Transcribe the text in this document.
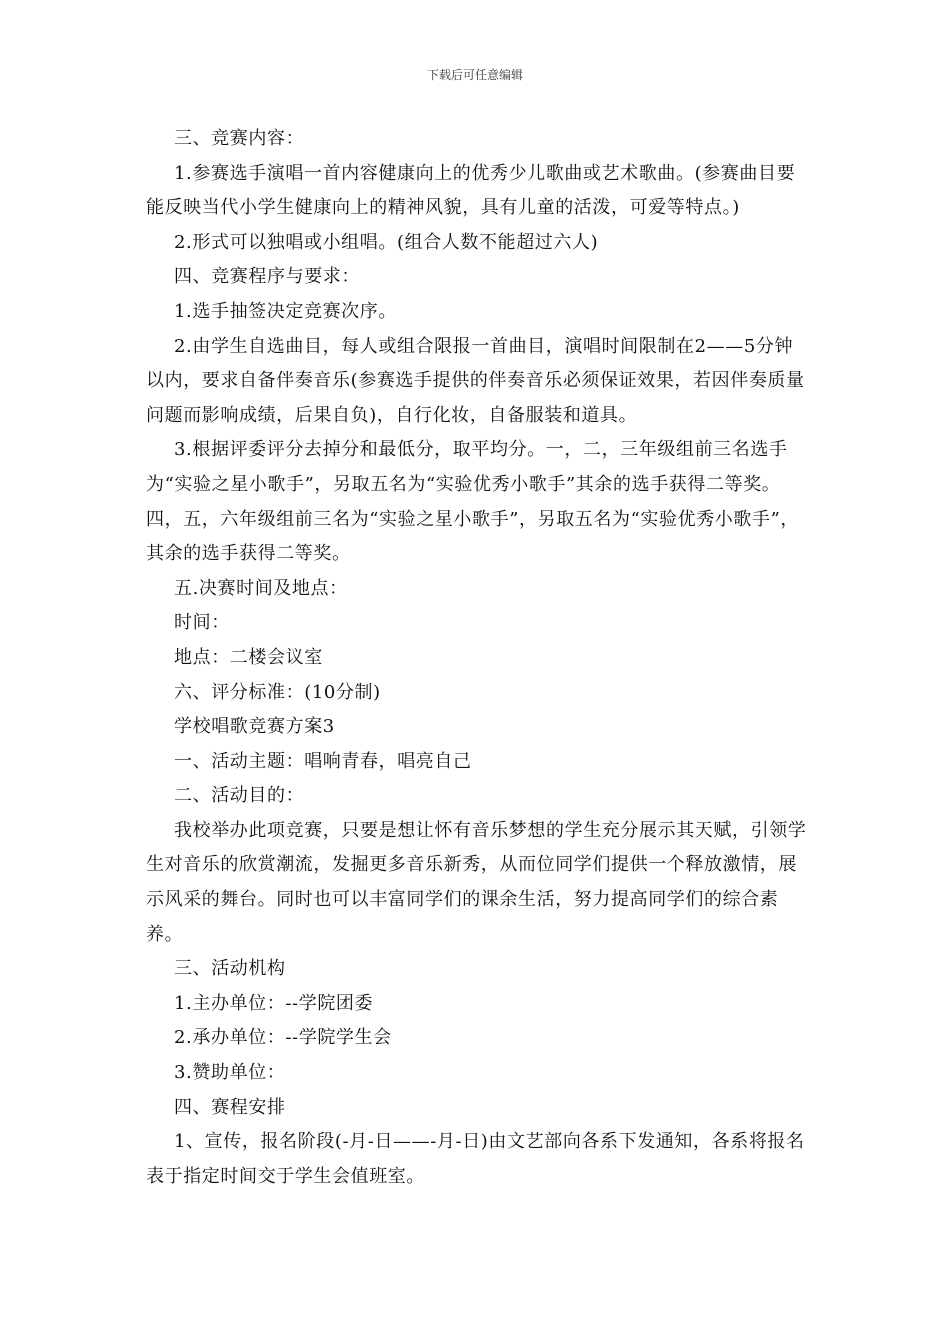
下载后可任意编辑

三、竞赛内容：

1.参赛选手演唱一首内容健康向上的优秀少儿歌曲或艺术歌曲。(参赛曲目要能反映当代小学生健康向上的精神风貌，具有儿童的活泼，可爱等特点。)

2.形式可以独唱或小组唱。(组合人数不能超过六人)

四、竞赛程序与要求：

1.选手抽签决定竞赛次序。

2.由学生自选曲目，每人或组合限报一首曲目，演唱时间限制在2——5分钟以内，要求自备伴奏音乐(参赛选手提供的伴奏音乐必须保证效果，若因伴奏质量问题而影响成绩，后果自负)，自行化妆，自备服装和道具。

3.根据评委评分去掉分和最低分，取平均分。一，二，三年级组前三名选手为“实验之星小歌手”，另取五名为“实验优秀小歌手”其余的选手获得二等奖。四，五，六年级组前三名为“实验之星小歌手”，另取五名为“实验优秀小歌手”，其余的选手获得二等奖。

五.决赛时间及地点：

时间：

地点：二楼会议室

六、评分标准：(10分制)

学校唱歌竞赛方案3

一、活动主题：唱响青春，唱亮自己

二、活动目的：

我校举办此项竞赛，只要是想让怀有音乐梦想的学生充分展示其天赋，引领学生对音乐的欣赏潮流，发掘更多音乐新秀，从而位同学们提供一个释放激情，展示风采的舞台。同时也可以丰富同学们的课余生活，努力提高同学们的综合素养。

三、活动机构

1.主办单位：--学院团委

2.承办单位：--学院学生会

3.赞助单位：

四、赛程安排

1、宣传，报名阶段(-月-日——-月-日)由文艺部向各系下发通知，各系将报名表于指定时间交于学生会值班室。
